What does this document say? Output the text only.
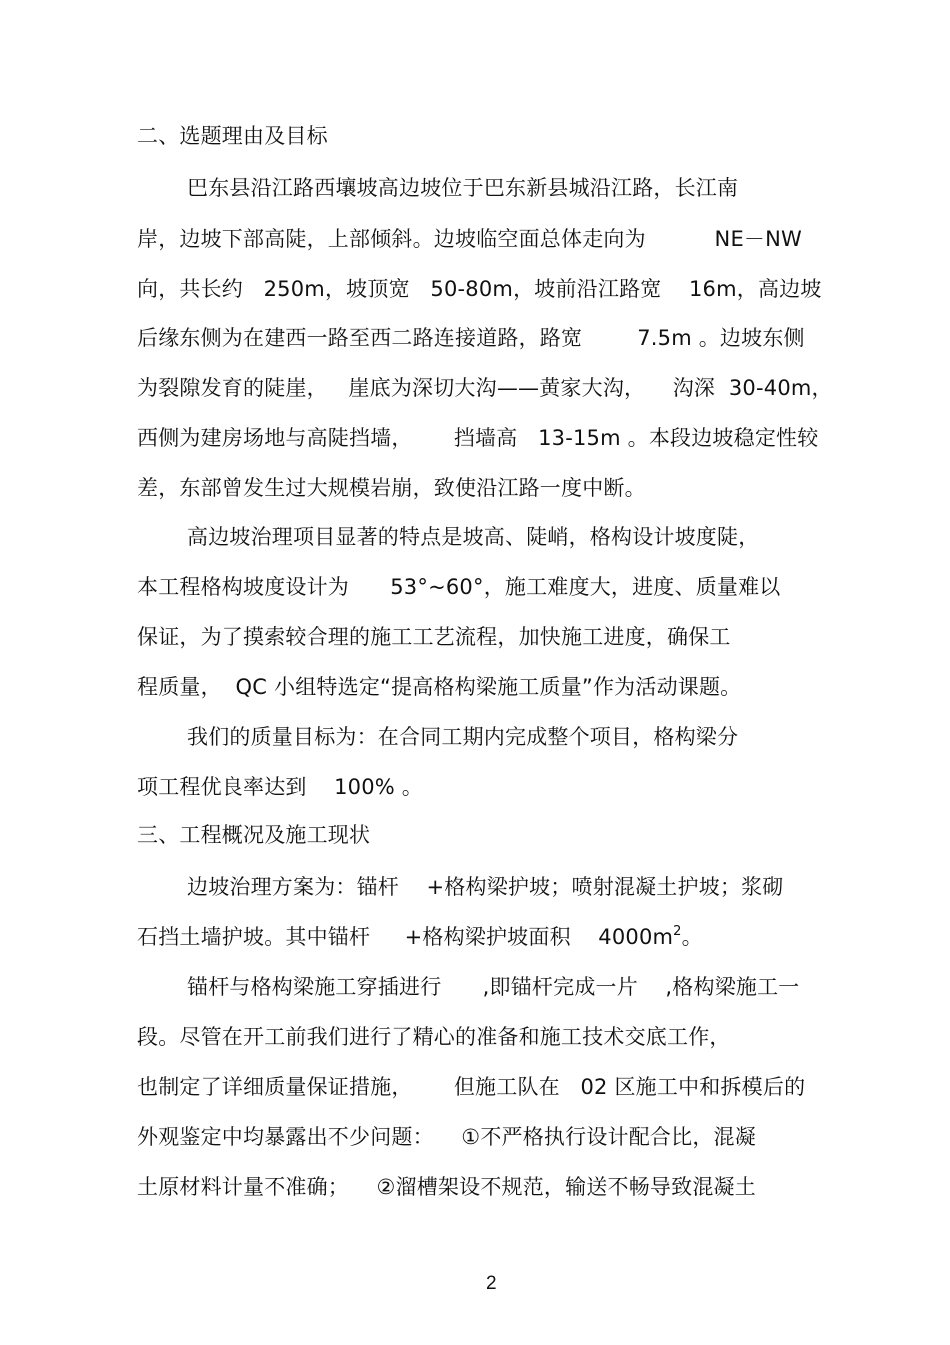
二、选题理由及目标
巴东县沿江路西壤坡高边坡位于巴东新县城沿江路，长江南
岸，边坡下部高陡，上部倾斜。边坡临空面总体走向为          NE－NW
向，共长约   250m，坡顶宽   50-80m，坡前沿江路宽    16m，高边坡
后缘东侧为在建西一路至西二路连接道路，路宽        7.5m 。边坡东侧
为裂隙发育的陡崖，   崖底为深切大沟——黄家大沟，    沟深  30-40m，
西侧为建房场地与高陡挡墙，      挡墙高   13-15m 。本段边坡稳定性较
差，东部曾发生过大规模岩崩，致使沿江路一度中断。
高边坡治理项目显著的特点是坡高、陡峭，格构设计坡度陡，
本工程格构坡度设计为      53°~60°，施工难度大，进度、质量难以
保证，为了摸索较合理的施工工艺流程，加快施工进度，确保工
程质量，  QC 小组特选定“提高格构梁施工质量”作为活动课题。
我们的质量目标为：在合同工期内完成整个项目，格构梁分
项工程优良率达到    100% 。
三、工程概况及施工现状
边坡治理方案为：锚杆    +格构梁护坡；喷射混凝土护坡；浆砌
石挡土墙护坡。其中锚杆     +格构梁护坡面积    $4000m^2$。
锚杆与格构梁施工穿插进行      ,即锚杆完成一片    ,格构梁施工一
段。尽管在开工前我们进行了精心的准备和施工技术交底工作，
也制定了详细质量保证措施，      但施工队在   02 区施工中和拆模后的
外观鉴定中均暴露出不少问题：    ①不严格执行设计配合比，混凝
土原材料计量不准确；    ②溜槽架设不规范，输送不畅导致混凝土
2
